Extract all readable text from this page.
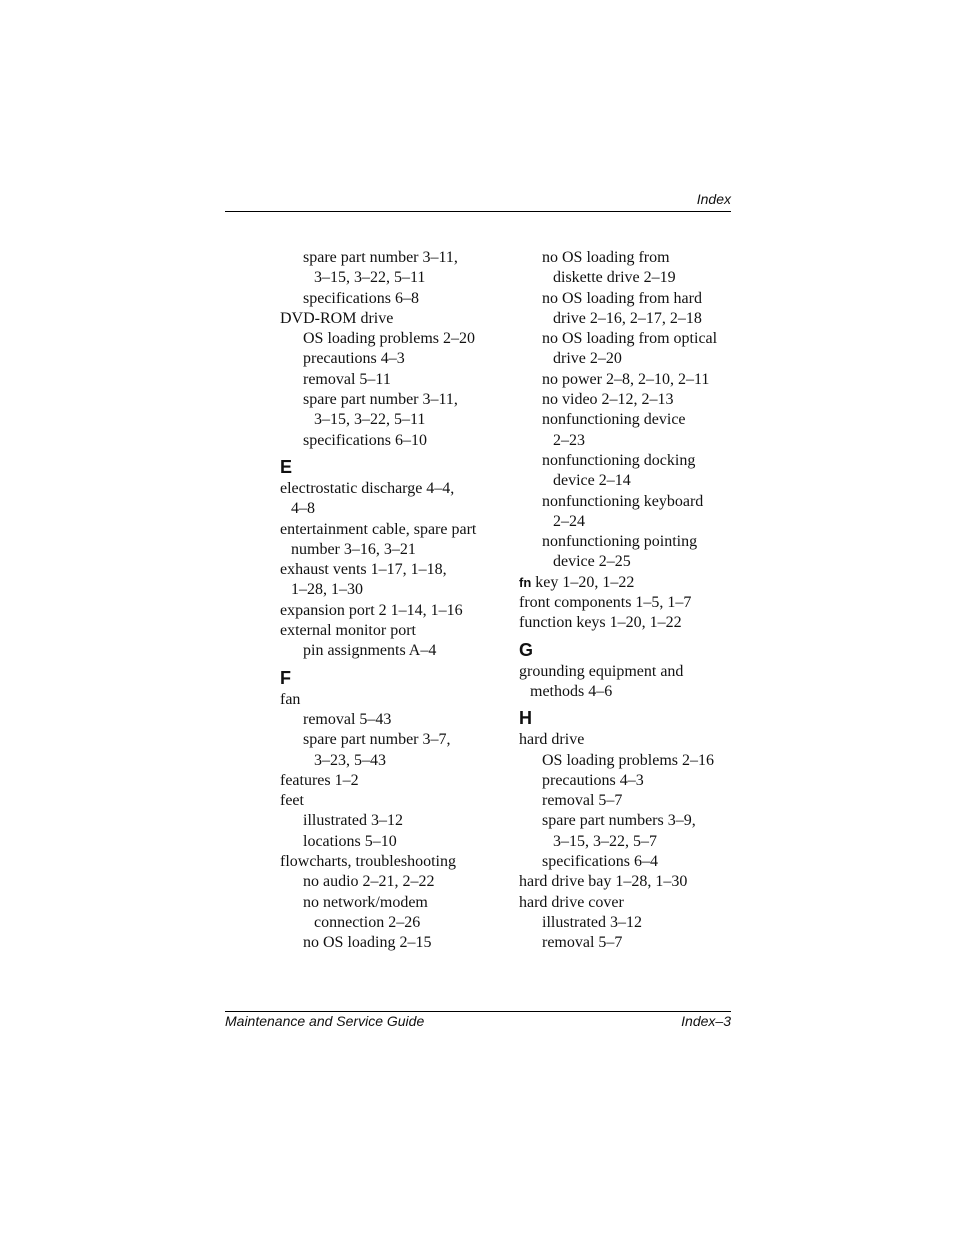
Index
spare part number 3–11,
3–15, 3–22, 5–11
specifications 6–8
DVD-ROM drive
OS loading problems 2–20
precautions 4–3
removal 5–11
spare part number 3–11,
3–15, 3–22, 5–11
specifications 6–10
E
electrostatic discharge 4–4,
4–8
entertainment cable, spare part
number 3–16, 3–21
exhaust vents 1–17, 1–18,
1–28, 1–30
expansion port 2 1–14, 1–16
external monitor port
pin assignments A–4
F
fan
removal 5–43
spare part number 3–7,
3–23, 5–43
features 1–2
feet
illustrated 3–12
locations 5–10
flowcharts, troubleshooting
no audio 2–21, 2–22
no network/modem
connection 2–26
no OS loading 2–15
no OS loading from
diskette drive 2–19
no OS loading from hard
drive 2–16, 2–17, 2–18
no OS loading from optical
drive 2–20
no power 2–8, 2–10, 2–11
no video 2–12, 2–13
nonfunctioning device
2–23
nonfunctioning docking
device 2–14
nonfunctioning keyboard
2–24
nonfunctioning pointing
device 2–25
fn key 1–20, 1–22
front components 1–5, 1–7
function keys 1–20, 1–22
G
grounding equipment and
methods 4–6
H
hard drive
OS loading problems 2–16
precautions 4–3
removal 5–7
spare part numbers 3–9,
3–15, 3–22, 5–7
specifications 6–4
hard drive bay 1–28, 1–30
hard drive cover
illustrated 3–12
removal 5–7
Maintenance and Service Guide	Index–3
